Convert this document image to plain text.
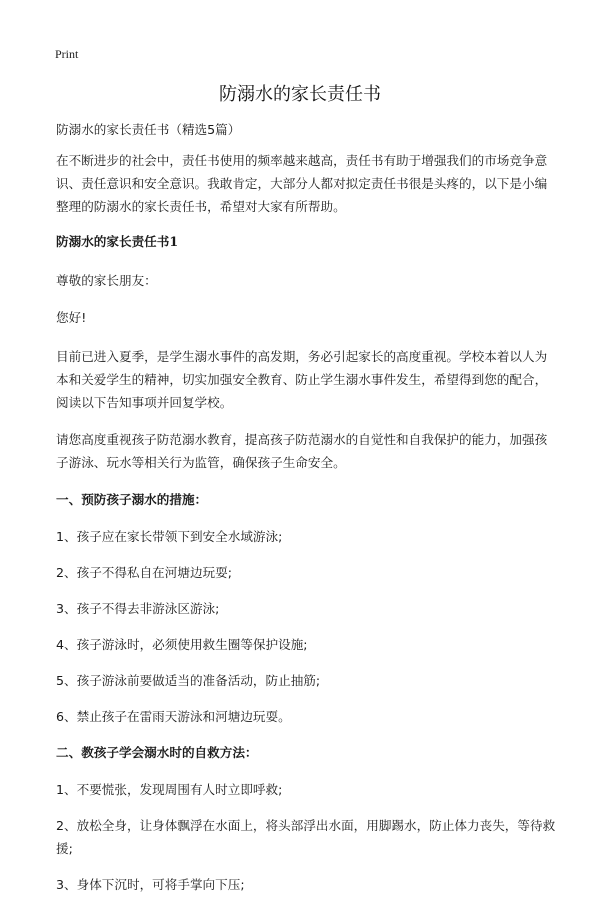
Print
防溺水的家长责任书

防溺水的家长责任书（精选5篇）

在不断进步的社会中，责任书使用的频率越来越高，责任书有助于增强我们的市场竞争意识、责任意识和安全意识。我敢肯定，大部分人都对拟定责任书很是头疼的，以下是小编整理的防溺水的家长责任书，希望对大家有所帮助。

防溺水的家长责任书1

尊敬的家长朋友：

您好!

目前已进入夏季，是学生溺水事件的高发期，务必引起家长的高度重视。学校本着以人为本和关爱学生的精神，切实加强安全教育、防止学生溺水事件发生，希望得到您的配合，阅读以下告知事项并回复学校。

请您高度重视孩子防范溺水教育，提高孩子防范溺水的自觉性和自我保护的能力，加强孩子游泳、玩水等相关行为监管，确保孩子生命安全。

一、预防孩子溺水的措施：

1、孩子应在家长带领下到安全水域游泳;

2、孩子不得私自在河塘边玩耍;

3、孩子不得去非游泳区游泳;

4、孩子游泳时，必须使用救生圈等保护设施;

5、孩子游泳前要做适当的准备活动，防止抽筋;

6、禁止孩子在雷雨天游泳和河塘边玩耍。

二、教孩子学会溺水时的自救方法：

1、不要慌张，发现周围有人时立即呼救;

2、放松全身，让身体飘浮在水面上，将头部浮出水面，用脚踢水，防止体力丧失，等待救援;

3、身体下沉时，可将手掌向下压;
